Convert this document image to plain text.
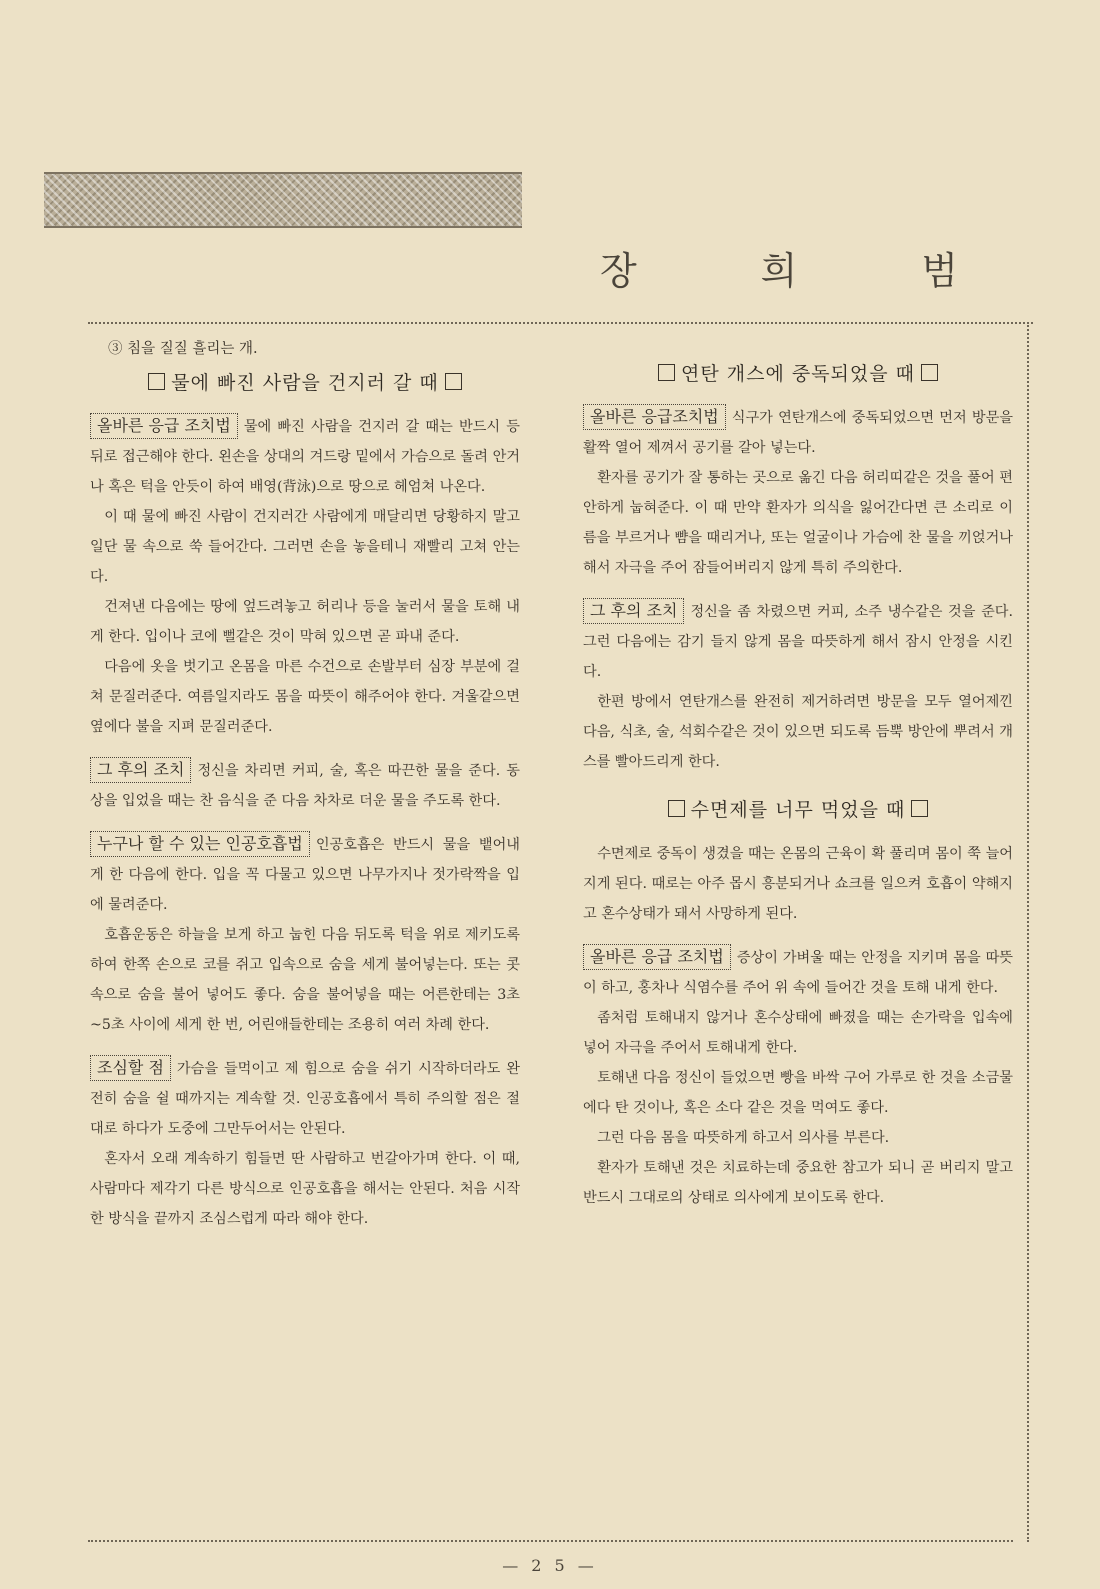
장	희	범
③ 침을 질질 흘리는 개.
물에 빠진 사람을 건지러 갈 때

올바른 응급 조치법 물에 빠진 사람을 건지러 갈 때는 반드시 등 뒤로 접근해야 한다. 왼손을 상대의 겨드랑 밑에서 가슴으로 돌려 안거나 혹은 턱을 안듯이 하여 배영(背泳)으로 땅으로 헤엄쳐 나온다.

이 때 물에 빠진 사람이 건지러간 사람에게 매달리면 당황하지 말고 일단 물 속으로 쑥 들어간다. 그러면 손을 놓을테니 재빨리 고쳐 안는다.

건져낸 다음에는 땅에 엎드려놓고 허리나 등을 눌러서 물을 토해 내게 한다. 입이나 코에 뻘같은 것이 막혀 있으면 곧 파내 준다.

다음에 옷을 벗기고 온몸을 마른 수건으로 손발부터 심장 부분에 걸쳐 문질러준다. 여름일지라도 몸을 따뜻이 해주어야 한다. 겨울같으면 옆에다 불을 지펴 문질러준다.

그 후의 조치 정신을 차리면 커피, 술, 혹은 따끈한 물을 준다. 동상을 입었을 때는 찬 음식을 준 다음 차차로 더운 물을 주도록 한다.

누구나 할 수 있는 인공호흡법 인공호흡은 반드시 물을 뱉어내게 한 다음에 한다. 입을 꼭 다물고 있으면 나무가지나 젓가락짝을 입에 물려준다.

호흡운동은 하늘을 보게 하고 눕힌 다음 뒤도록 턱을 위로 제키도록 하여 한쪽 손으로 코를 쥐고 입속으로 숨을 세게 불어넣는다. 또는 콧속으로 숨을 불어 넣어도 좋다. 숨을 불어넣을 때는 어른한테는 3초~5초 사이에 세게 한 번, 어린애들한테는 조용히 여러 차례 한다.

조심할 점 가슴을 들먹이고 제 힘으로 숨을 쉬기 시작하더라도 완전히 숨을 쉴 때까지는 계속할 것. 인공호흡에서 특히 주의할 점은 절대로 하다가 도중에 그만두어서는 안된다.

혼자서 오래 계속하기 힘들면 딴 사람하고 번갈아가며 한다. 이 때, 사람마다 제각기 다른 방식으로 인공호흡을 해서는 안된다. 처음 시작한 방식을 끝까지 조심스럽게 따라 해야 한다.

연탄 개스에 중독되었을 때

올바른 응급조치법 식구가 연탄개스에 중독되었으면 먼저 방문을 활짝 열어 제껴서 공기를 갈아 넣는다.

환자를 공기가 잘 통하는 곳으로 옮긴 다음 허리띠같은 것을 풀어 편안하게 눕혀준다. 이 때 만약 환자가 의식을 잃어간다면 큰 소리로 이름을 부르거나 뺨을 때리거나, 또는 얼굴이나 가슴에 찬 물을 끼얹거나 해서 자극을 주어 잠들어버리지 않게 특히 주의한다.

그 후의 조치 정신을 좀 차렸으면 커피, 소주 냉수같은 것을 준다. 그런 다음에는 감기 들지 않게 몸을 따뜻하게 해서 잠시 안정을 시킨다.

한편 방에서 연탄개스를 완전히 제거하려면 방문을 모두 열어제낀 다음, 식초, 술, 석회수같은 것이 있으면 되도록 듬뿍 방안에 뿌려서 개스를 빨아드리게 한다.

수면제를 너무 먹었을 때

수면제로 중독이 생겼을 때는 온몸의 근육이 확 풀리며 몸이 쭉 늘어지게 된다. 때로는 아주 몹시 흥분되거나 쇼크를 일으켜 호흡이 약해지고 혼수상태가 돼서 사망하게 된다.

올바른 응급 조치법 증상이 가벼울 때는 안정을 지키며 몸을 따뜻이 하고, 홍차나 식염수를 주어 위 속에 들어간 것을 토해 내게 한다.

좀처럼 토해내지 않거나 혼수상태에 빠졌을 때는 손가락을 입속에 넣어 자극을 주어서 토해내게 한다.

토해낸 다음 정신이 들었으면 빵을 바싹 구어 가루로 한 것을 소금물에다 탄 것이나, 혹은 소다 같은 것을 먹여도 좋다.

그런 다음 몸을 따뜻하게 하고서 의사를 부른다.

환자가 토해낸 것은 치료하는데 중요한 참고가 되니 곧 버리지 말고 반드시 그대로의 상태로 의사에게 보이도록 한다.

— 2 5 —
